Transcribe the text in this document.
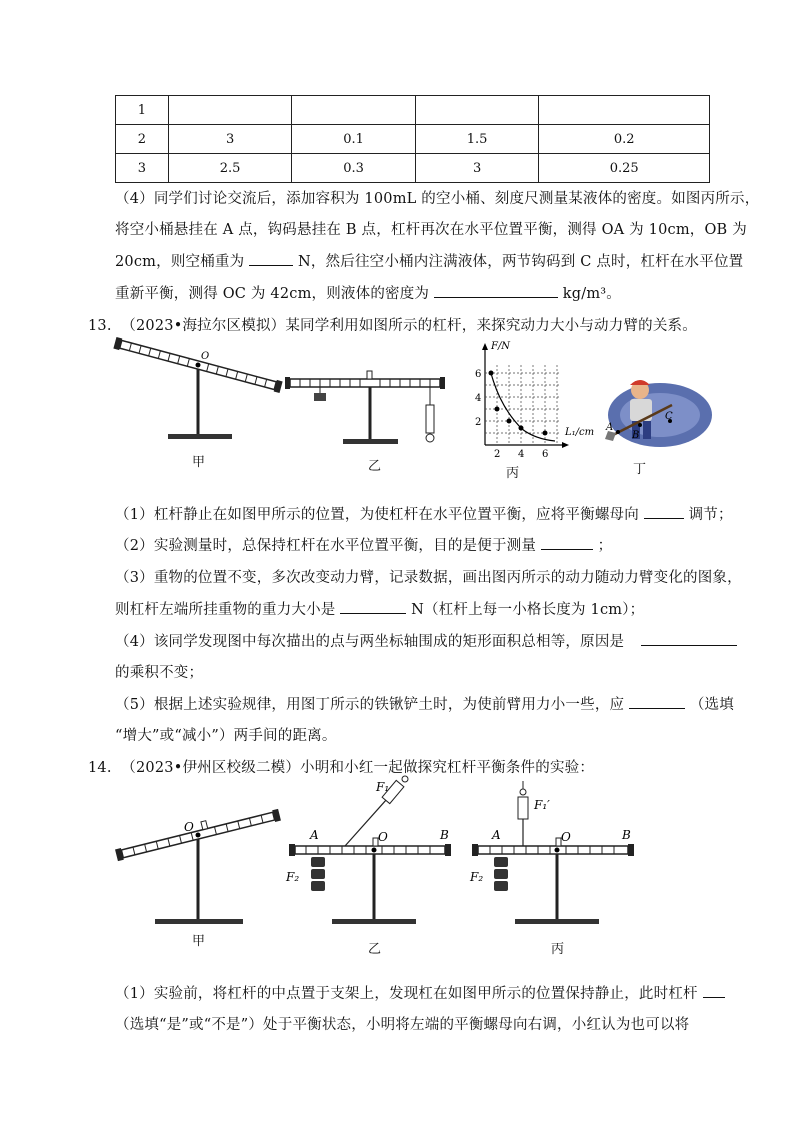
1				
2	3	0.1	1.5	0.2
3	2.5	0.3	3	0.25
（4）同学们讨论交流后，添加容积为 100mL 的空小桶、刻度尺测量某液体的密度。如图丙所示，
将空小桶悬挂在 A 点，钩码悬挂在 B 点，杠杆再次在水平位置平衡，测得 OA 为 10cm，OB 为
20cm，则空桶重为	N，然后往空小桶内注满液体，两节钩码到 C 点时，杠杆在水平位置
重新平衡，测得 OC 为 42cm，则液体的密度为	kg/m³。
13. （2023•海拉尔区模拟）某同学利用如图所示的杠杆，来探究动力大小与动力臂的关系。
O
F/N
L₁/cm
6
4
2
2 4 6
A
B
C
甲	乙	丙	丁
（1）杠杆静止在如图甲所示的位置，为使杠杆在水平位置平衡，应将平衡螺母向	调节；
（2）实验测量时，总保持杠杆在水平位置平衡，目的是便于测量	；
（3）重物的位置不变，多次改变动力臂，记录数据，画出图丙所示的动力随动力臂变化的图象，
则杠杆左端所挂重物的重力大小是	N（杠杆上每一小格长度为 1cm）；
（4）该同学发现图中每次描出的点与两坐标轴围成的矩形面积总相等，原因是
的乘积不变；
（5）根据上述实验规律，用图丁所示的铁锹铲土时，为使前臂用力小一些，应	（选填
“增大”或“减小”）两手间的距离。
14. （2023•伊州区校级二模）小明和小红一起做探究杠杆平衡条件的实验：
O
A	O	B
F₁
F₂
A	O	B
F₁′
F₂
甲
乙	丙
（1）实验前，将杠杆的中点置于支架上，发现杠在如图甲所示的位置保持静止，此时杠杆
（选填“是”或“不是”）处于平衡状态，小明将左端的平衡螺母向右调，小红认为也可以将
